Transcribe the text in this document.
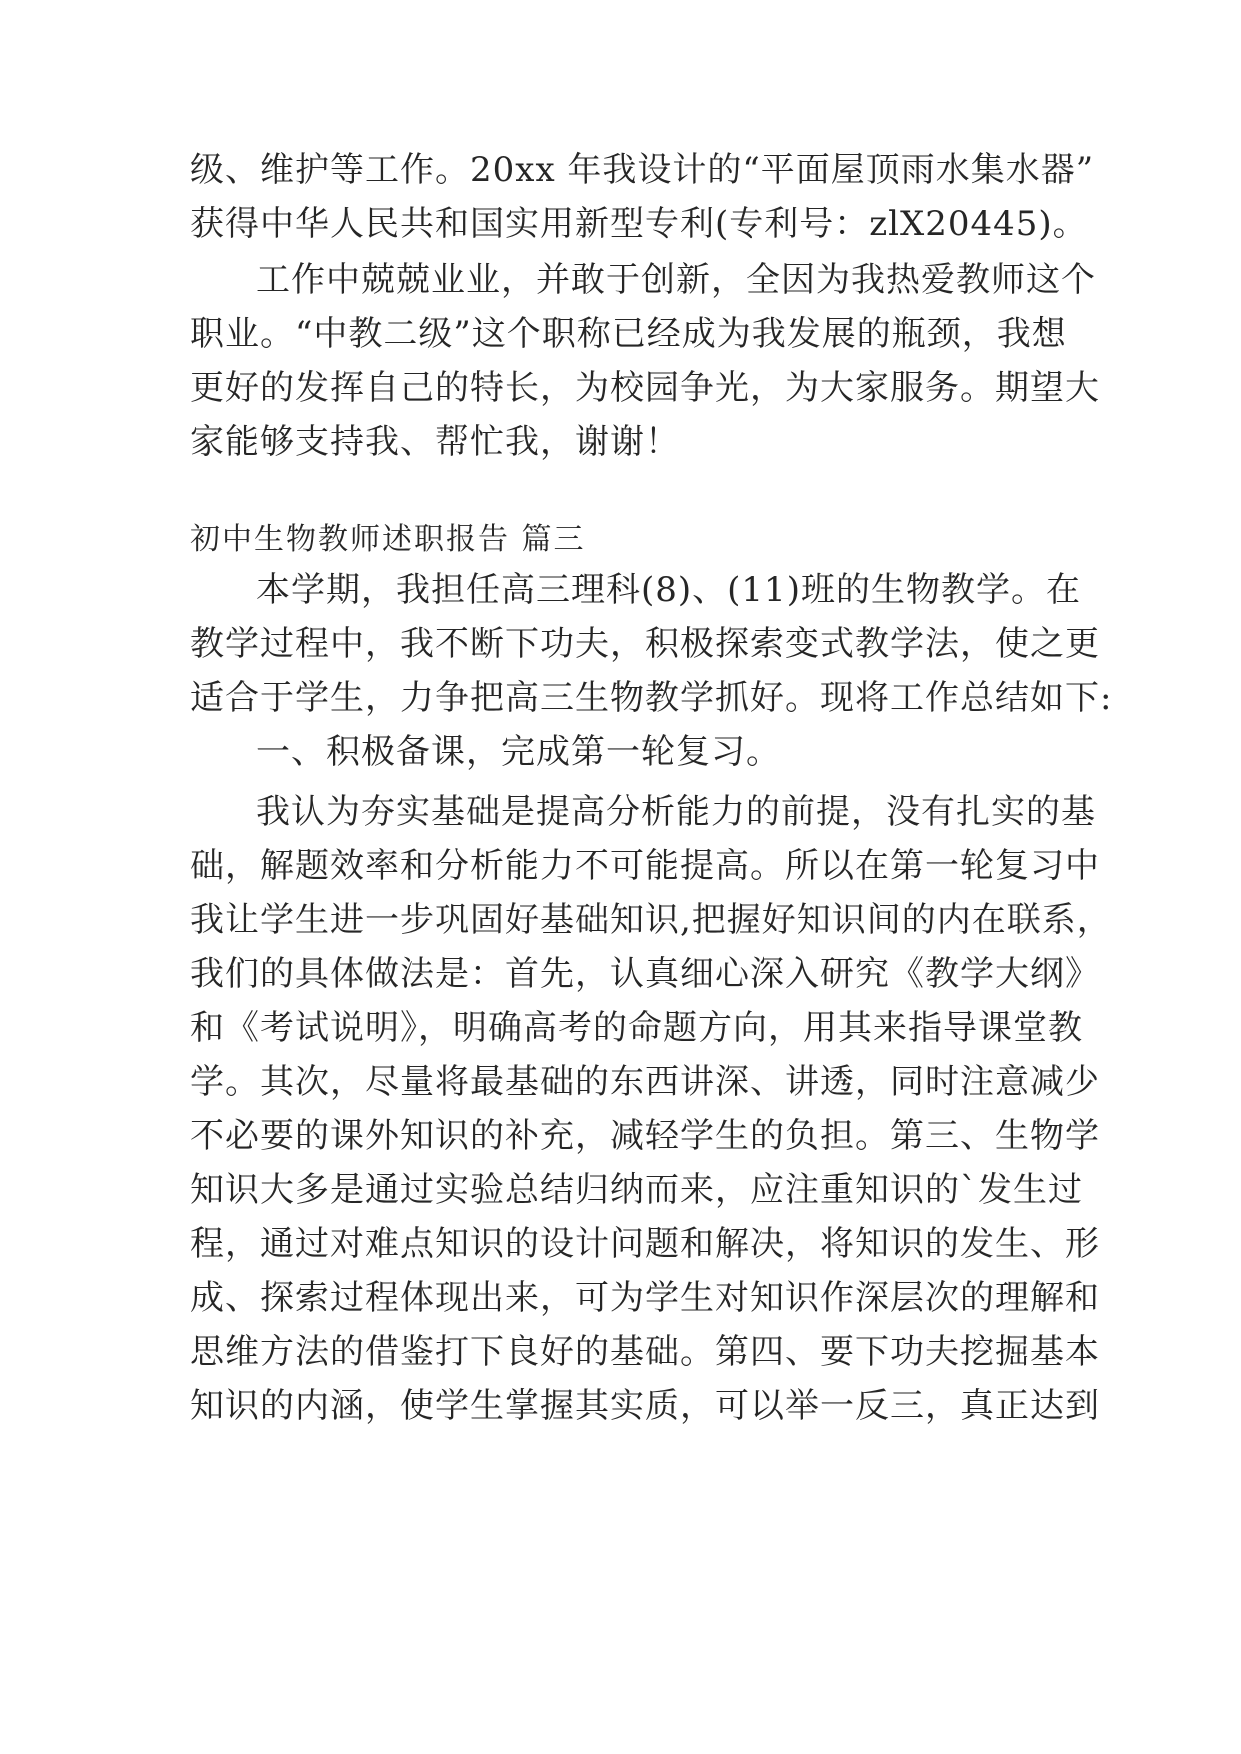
级、维护等工作。20xx 年我设计的“平面屋顶雨水集水器”
获得中华人民共和国实用新型专利(专利号：zlX20445)。
工作中兢兢业业，并敢于创新，全因为我热爱教师这个
职业。“中教二级”这个职称已经成为我发展的瓶颈，我想
更好的发挥自己的特长，为校园争光，为大家服务。期望大
家能够支持我、帮忙我，谢谢！
初中生物教师述职报告 篇三
本学期，我担任高三理科(8)、(11)班的生物教学。在
教学过程中，我不断下功夫，积极探索变式教学法，使之更
适合于学生，力争把高三生物教学抓好。现将工作总结如下:
一、积极备课，完成第一轮复习。
我认为夯实基础是提高分析能力的前提，没有扎实的基
础，解题效率和分析能力不可能提高。所以在第一轮复习中
我让学生进一步巩固好基础知识,把握好知识间的内在联系，
我们的具体做法是：首先，认真细心深入研究《教学大纲》
和《考试说明》，明确高考的命题方向，用其来指导课堂教
学。其次，尽量将最基础的东西讲深、讲透，同时注意减少
不必要的课外知识的补充，减轻学生的负担。第三、生物学
知识大多是通过实验总结归纳而来，应注重知识的`发生过
程，通过对难点知识的设计问题和解决，将知识的发生、形
成、探索过程体现出来，可为学生对知识作深层次的理解和
思维方法的借鉴打下良好的基础。第四、要下功夫挖掘基本
知识的内涵，使学生掌握其实质，可以举一反三，真正达到
